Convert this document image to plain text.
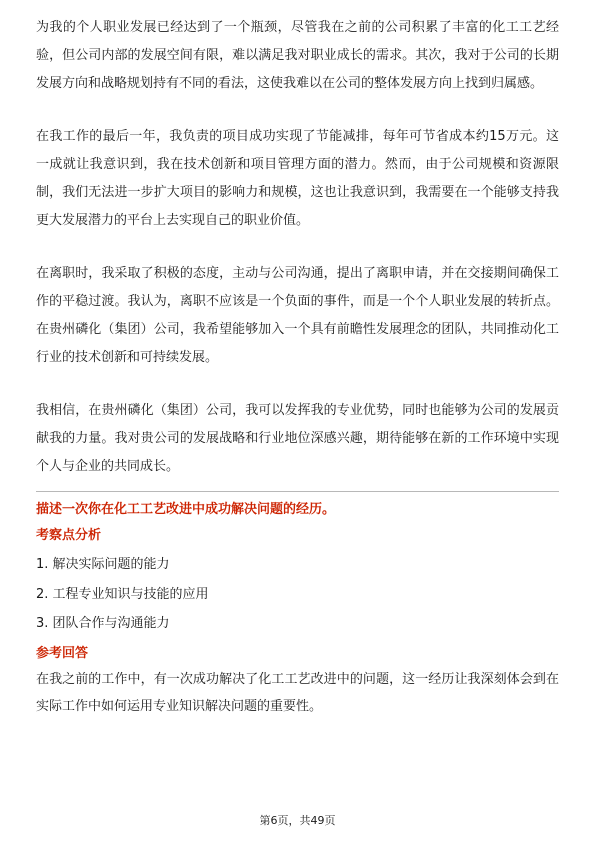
为我的个人职业发展已经达到了一个瓶颈，尽管我在之前的公司积累了丰富的化工工艺经验，但公司内部的发展空间有限，难以满足我对职业成长的需求。其次，我对于公司的长期发展方向和战略规划持有不同的看法，这使我难以在公司的整体发展方向上找到归属感。

在我工作的最后一年，我负责的项目成功实现了节能减排，每年可节省成本约15万元。这一成就让我意识到，我在技术创新和项目管理方面的潜力。然而，由于公司规模和资源限制，我们无法进一步扩大项目的影响力和规模，这也让我意识到，我需要在一个能够支持我更大发展潜力的平台上去实现自己的职业价值。

在离职时，我采取了积极的态度，主动与公司沟通，提出了离职申请，并在交接期间确保工作的平稳过渡。我认为，离职不应该是一个负面的事件，而是一个个人职业发展的转折点。在贵州磷化（集团）公司，我希望能够加入一个具有前瞻性发展理念的团队，共同推动化工行业的技术创新和可持续发展。

我相信，在贵州磷化（集团）公司，我可以发挥我的专业优势，同时也能够为公司的发展贡献我的力量。我对贵公司的发展战略和行业地位深感兴趣，期待能够在新的工作环境中实现个人与企业的共同成长。

描述一次你在化工工艺改进中成功解决问题的经历。

考察点分析

1. 解决实际问题的能力
2. 工程专业知识与技能的应用
3. 团队合作与沟通能力

参考回答

在我之前的工作中，有一次成功解决了化工工艺改进中的问题，这一经历让我深刻体会到在实际工作中如何运用专业知识解决问题的重要性。

第6页，共49页
